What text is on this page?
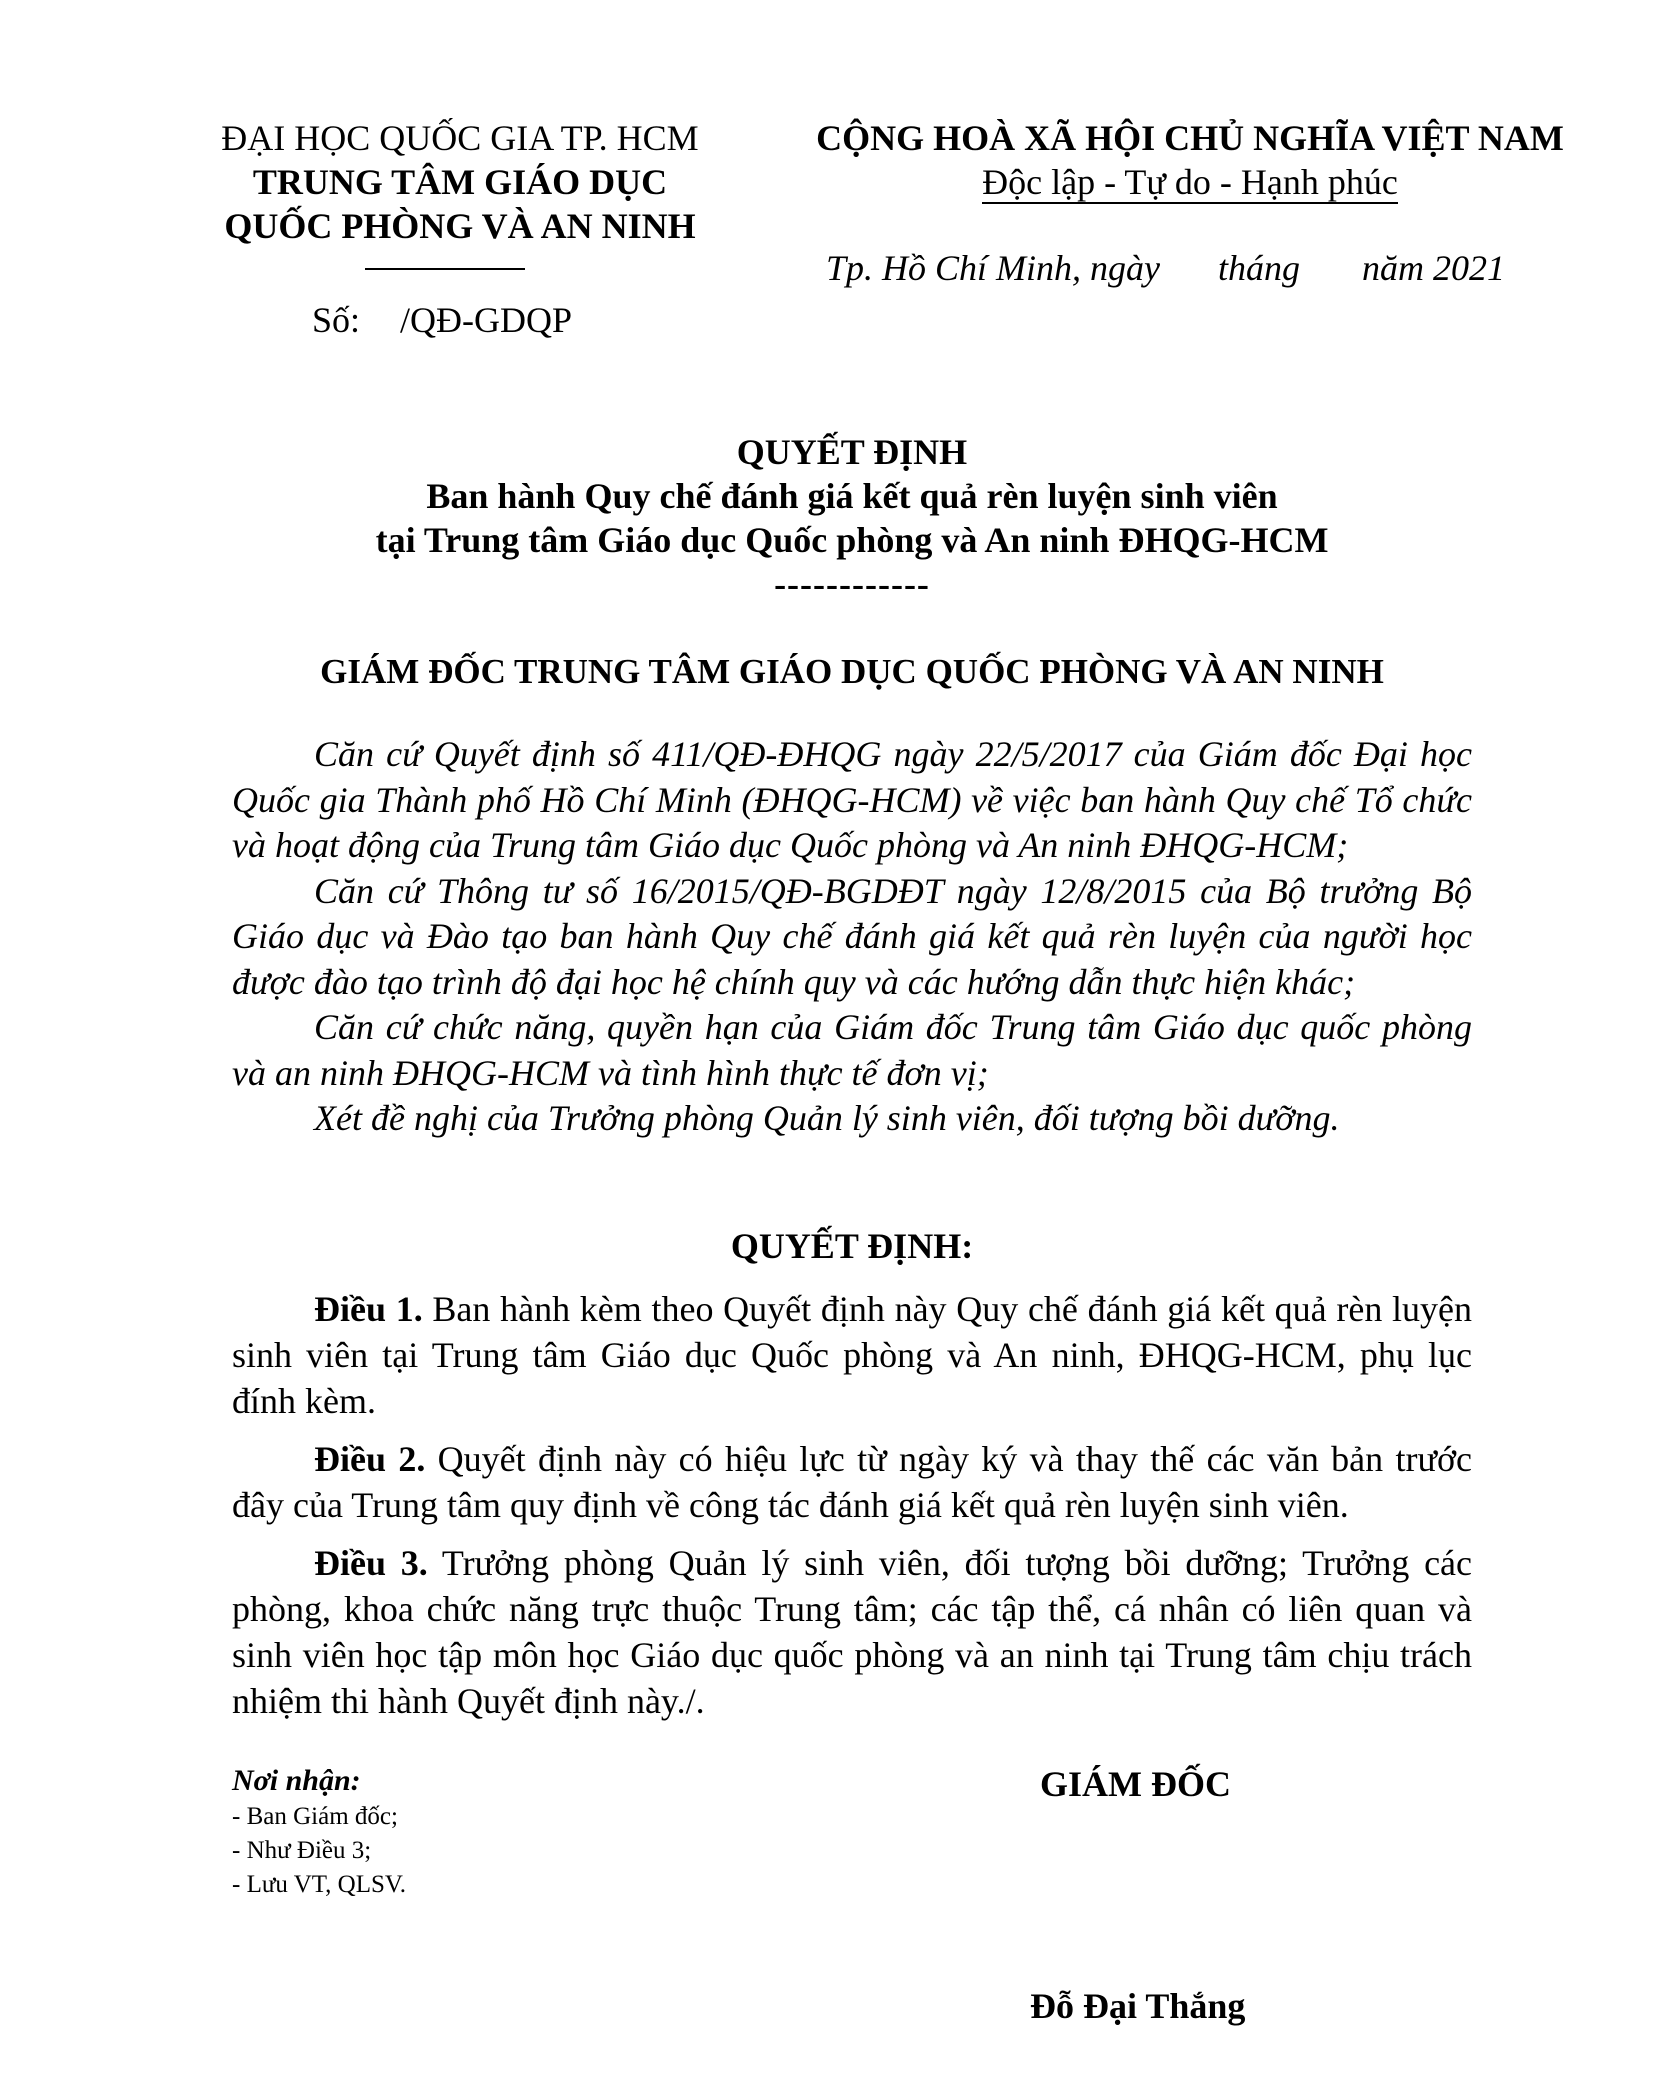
ĐẠI HỌC QUỐC GIA TP. HCM
TRUNG TÂM GIÁO DỤC
QUỐC PHÒNG VÀ AN NINH
Số: /QĐ-GDQP
CỘNG HOÀ XÃ HỘI CHỦ NGHĨA VIỆT NAM
Độc lập - Tự do - Hạnh phúc
Tp. Hồ Chí Minh, ngày tháng năm 2021
QUYẾT ĐỊNH
Ban hành Quy chế đánh giá kết quả rèn luyện sinh viên
tại Trung tâm Giáo dục Quốc phòng và An ninh ĐHQG-HCM
------------
GIÁM ĐỐC TRUNG TÂM GIÁO DỤC QUỐC PHÒNG VÀ AN NINH

Căn cứ Quyết định số 411/QĐ-ĐHQG ngày 22/5/2017 của Giám đốc Đại học Quốc gia Thành phố Hồ Chí Minh (ĐHQG-HCM) về việc ban hành Quy chế Tổ chức và hoạt động của Trung tâm Giáo dục Quốc phòng và An ninh ĐHQG-HCM;

Căn cứ Thông tư số 16/2015/QĐ-BGDĐT ngày 12/8/2015 của Bộ trưởng Bộ Giáo dục và Đào tạo ban hành Quy chế đánh giá kết quả rèn luyện của người học được đào tạo trình độ đại học hệ chính quy và các hướng dẫn thực hiện khác;

Căn cứ chức năng, quyền hạn của Giám đốc Trung tâm Giáo dục quốc phòng và an ninh ĐHQG-HCM và tình hình thực tế đơn vị;

Xét đề nghị của Trưởng phòng Quản lý sinh viên, đối tượng bồi dưỡng.

QUYẾT ĐỊNH:

Điều 1. Ban hành kèm theo Quyết định này Quy chế đánh giá kết quả rèn luyện sinh viên tại Trung tâm Giáo dục Quốc phòng và An ninh, ĐHQG-HCM, phụ lục đính kèm.

Điều 2. Quyết định này có hiệu lực từ ngày ký và thay thế các văn bản trước đây của Trung tâm quy định về công tác đánh giá kết quả rèn luyện sinh viên.

Điều 3. Trưởng phòng Quản lý sinh viên, đối tượng bồi dưỡng; Trưởng các phòng, khoa chức năng trực thuộc Trung tâm; các tập thể, cá nhân có liên quan và sinh viên học tập môn học Giáo dục quốc phòng và an ninh tại Trung tâm chịu trách nhiệm thi hành Quyết định này./.

Nơi nhận:
- Ban Giám đốc;
- Như Điều 3;
- Lưu VT, QLSV.
GIÁM ĐỐC
Đỗ Đại Thắng
